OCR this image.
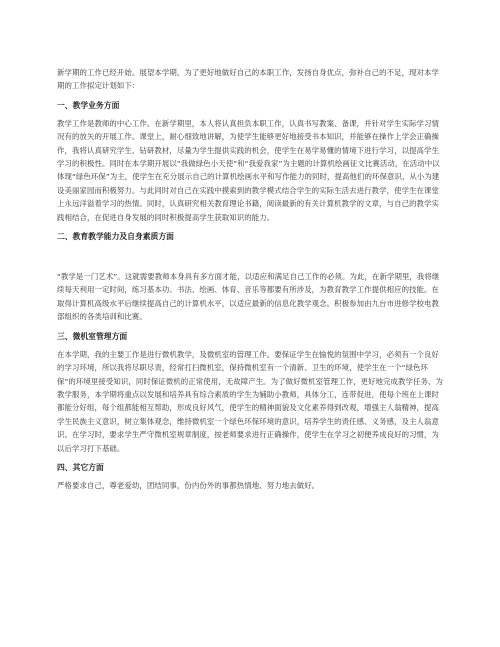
新学期的工作已经开始。展望本学期，为了更好地做好自己的本职工作，发扬自身优点，弥补自己的不足，现对本学期的工作拟定计划如下：

一、教学业务方面

教学工作是教师的中心工作。在新学期里，本人将认真担负本职工作，认真书写教案、备课，并针对学生实际学习情况有的放矢的开展工作。课堂上，耐心细致地讲解，为使学生能够更好地接受书本知识，并能够在操作上学会正确操作，我将认真研究学生、钻研教材，尽量为学生提供实践的机会，使学生在易学易懂的情境下进行学习，以提高学生学习的积极性。同时在本学期开展以“我做绿色小天使”和“我爱我家”为主题的计算机绘画征文比赛活动，在活动中以体现“绿色环保”为主，使学生在充分展示自己的计算机绘画水平和写作能力的同时，提高他们的环保意识，从小为建设美丽家园而积极努力。与此同时对自己在实践中摸索到的教学模式结合学生的实际生活去进行教学，使学生在课堂上永远洋溢着学习的热情。同时，认真研究相关教育理论书籍，阅读最新的有关计算机教学的文章，与自己的教学实践相结合，在促进自身发展的同时积极提高学生获取知识的能力。

二、教育教学能力及自身素质方面

“教学是一门艺术”。这就需要教师本身具有多方面才能，以适应和满足自己工作的必须。为此，在新学期里，我将继续每天利用一定时间，练习基本功。书法、绘画、体育、音乐等都要有所涉及，为教育教学工作提供相应的技能。在取得计算机高级水平后继续提高自己的计算机水平，以适应最新的信息化教学观念。积极参加由九台市进修学校电教部组织的各类培训和比赛。

三、微机室管理方面

在本学期，我的主要工作是进行微机教学，及微机室的管理工作。要保证学生在愉悦的氛围中学习，必须有一个良好的学习环境，所以我将尽职尽责，经常打扫微机室，保持微机室有一个清新、卫生的环境，使学生在一个“绿色环保”的环境里接受知识，同时保证微机的正常使用，无故障产生。为了做好微机室管理工作，更好地完成教学任务、为教学服务，本学期将重点以发展和培养具有综合素质的学生为辅助小教师，具体分工，连带促进，使每个班在上课时都能分好组，每个组都能相互帮助，形成良好风气，使学生的精神面貌及文化素养得到改观，增强主人翁精神，提高学生民族主义意识，树立集体观念，维持微机室一个绿色环保环境的意识，培养学生的责任感、义务感，及主人翁意识。在学习时，要求学生严守微机室规章制度，按老师要求进行正确操作，使学生在学习之初便养成良好的习惯，为以后学习打下基础。

四、其它方面

严格要求自己，尊老爱幼，团结同事，份内份外的事都热情地、努力地去做好。
